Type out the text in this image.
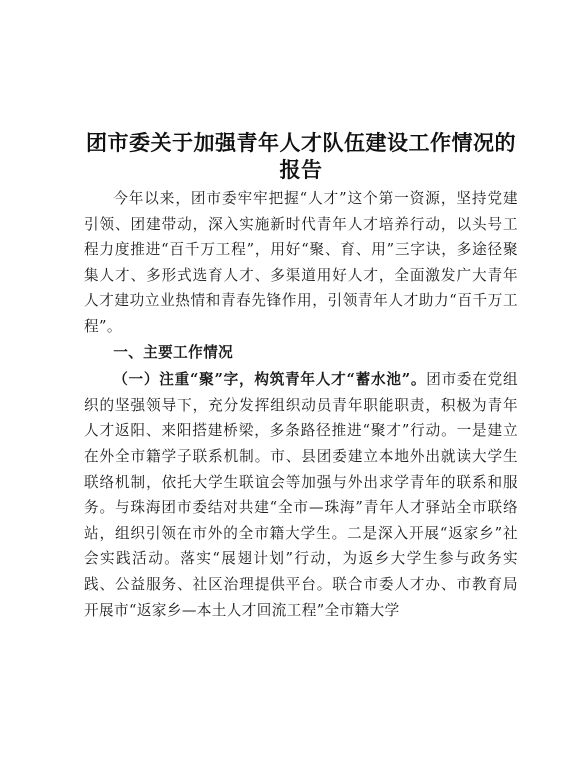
团市委关于加强青年人才队伍建设工作情况的报告

今年以来，团市委牢牢把握“人才”这个第一资源，坚持党建引领、团建带动，深入实施新时代青年人才培养行动，以头号工程力度推进“百千万工程”，用好“聚、育、用”三字诀，多途径聚集人才、多形式选育人才、多渠道用好人才，全面激发广大青年人才建功立业热情和青春先锋作用，引领青年人才助力“百千万工程”。

一、主要工作情况

（一）注重“聚”字，构筑青年人才“蓄水池”。团市委在党组织的坚强领导下，充分发挥组织动员青年职能职责，积极为青年人才返阳、来阳搭建桥梁，多条路径推进“聚才”行动。一是建立在外全市籍学子联系机制。市、县团委建立本地外出就读大学生联络机制，依托大学生联谊会等加强与外出求学青年的联系和服务。与珠海团市委结对共建“全市—珠海”青年人才驿站全市联络站，组织引领在市外的全市籍大学生。二是深入开展“返家乡”社会实践活动。落实“展翅计划”行动，为返乡大学生参与政务实践、公益服务、社区治理提供平台。联合市委人才办、市教育局开展市“返家乡—本土人才回流工程”全市籍大学
